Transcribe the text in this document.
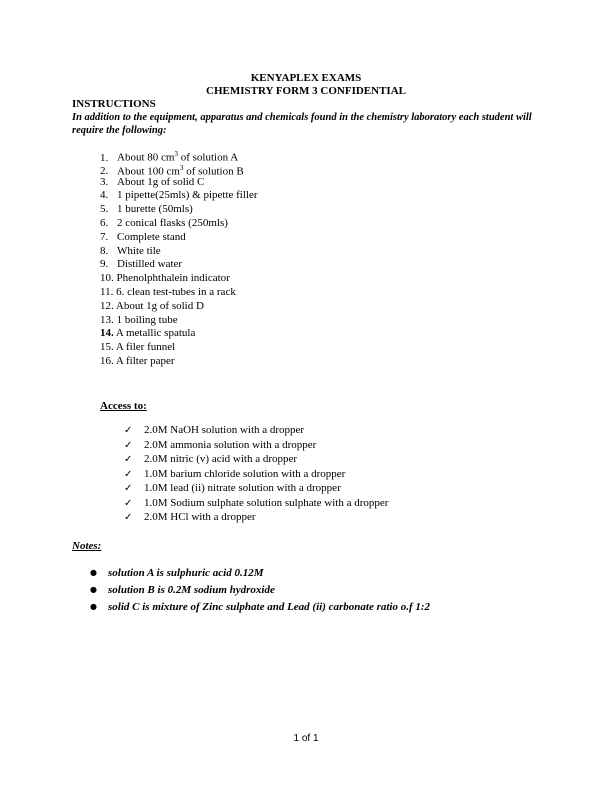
KENYAPLEX EXAMS
CHEMISTRY FORM 3 CONFIDENTIAL
INSTRUCTIONS
In addition to the equipment, apparatus and chemicals found in the chemistry laboratory each student will require the following:
1. About 80 $cm^3$ of solution A
2. About 100 $cm^3$ of solution B
3. About 1g of solid C
4. 1 pipette(25mls) & pipette filler
5. 1 burette (50mls)
6. 2 conical flasks (250mls)
7. Complete stand
8. White tile
9. Distilled water
10. Phenolphthalein indicator
11. 6. clean test-tubes in a rack
12. About 1g of solid D
13. 1 boiling tube
14. A metallic spatula
15. A filer funnel
16. A filter paper
Access to:
✓ 2.0M NaOH solution with a dropper
✓ 2.0M ammonia solution with a dropper
✓ 2.0M nitric (v) acid with a dropper
✓ 1.0M barium chloride solution with a dropper
✓ 1.0M lead (ii) nitrate solution with a dropper
✓ 1.0M Sodium sulphate solution sulphate with a dropper
✓ 2.0M HCl with a dropper
Notes:
● solution A is sulphuric acid 0.12M
● solution B is 0.2M sodium hydroxide
● solid C is mixture of Zinc sulphate and Lead (ii) carbonate ratio o.f 1:2
1 of 1
